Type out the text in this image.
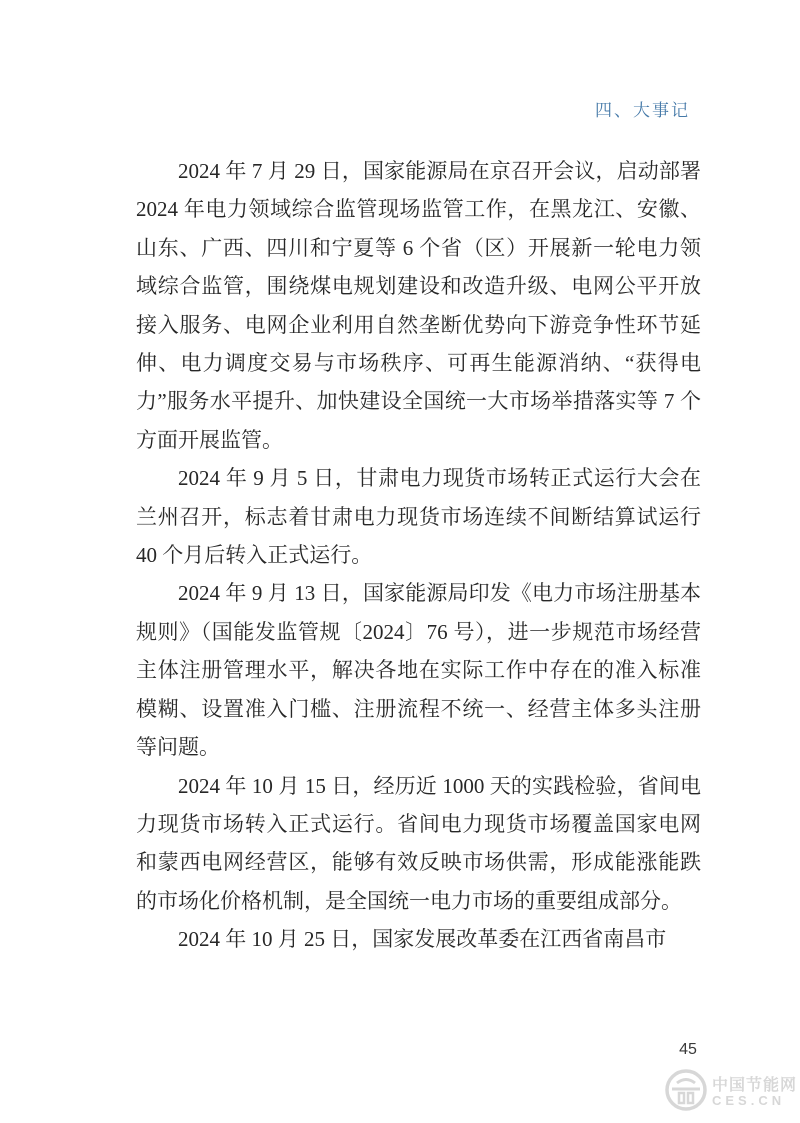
四、大事记

2024 年 7 月 29 日，国家能源局在京召开会议，启动部署 2024 年电力领域综合监管现场监管工作，在黑龙江、安徽、山东、广西、四川和宁夏等 6 个省（区）开展新一轮电力领域综合监管，围绕煤电规划建设和改造升级、电网公平开放接入服务、电网企业利用自然垄断优势向下游竞争性环节延伸、电力调度交易与市场秩序、可再生能源消纳、“获得电力”服务水平提升、加快建设全国统一大市场举措落实等 7 个方面开展监管。

2024 年 9 月 5 日，甘肃电力现货市场转正式运行大会在兰州召开，标志着甘肃电力现货市场连续不间断结算试运行 40 个月后转入正式运行。

2024 年 9 月 13 日，国家能源局印发《电力市场注册基本规则》（国能发监管规〔2024〕76 号），进一步规范市场经营主体注册管理水平，解决各地在实际工作中存在的准入标准模糊、设置准入门槛、注册流程不统一、经营主体多头注册等问题。

2024 年 10 月 15 日，经历近 1000 天的实践检验，省间电力现货市场转入正式运行。省间电力现货市场覆盖国家电网和蒙西电网经营区，能够有效反映市场供需，形成能涨能跌的市场化价格机制，是全国统一电力市场的重要组成部分。

2024 年 10 月 25 日，国家发展改革委在江西省南昌市

45
中国节能网
CES.CN
